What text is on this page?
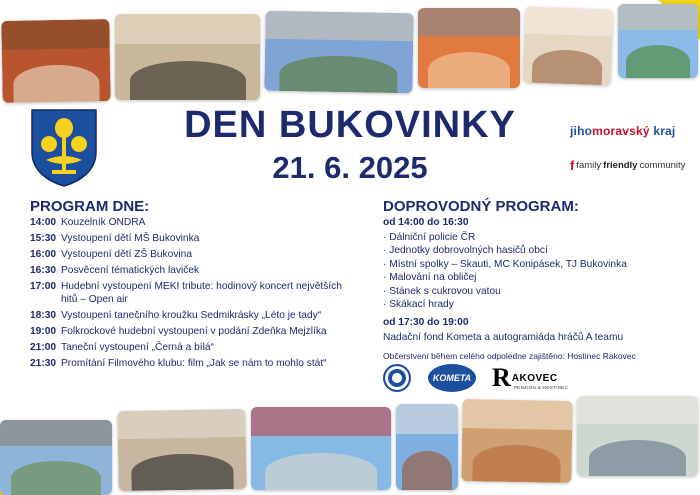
DEN BUKOVINKY
21. 6. 2025
jihomoravský kraj
f family friendly community
PROGRAM DNE:
14:00 Kouzelník ONDRA
15:30 Vystoupení dětí MŠ Bukovinka
16:00 Vystoupení dětí ZŠ Bukovina
16:30 Posvěcení tématických laviček
17:00 Hudební vystoupení MEKI tribute: hodinový koncert největších hitů – Open air
18:30 Vystoupení tanečního kroužku Sedmikrásky „Léto je tady“
19:00 Folkrockové hudební vystoupení v podání Zdeňka Mejzlíka
21:00 Taneční vystoupení „Černá a bílá“
21:30 Promítání Filmového klubu: film „Jak se nám to mohlo stát“
DOPROVODNÝ PROGRAM:
od 14:00 do 16:30
· Dálniční policie ČR
· Jednotky dobrovolných hasičů obcí
· Místní spolky – Skauti, MC Konipásek, TJ Bukovinka
· Malování na obličej
· Stánek s cukrovou vatou
· Skákací hrady
od 17:30 do 19:00
Nadační fond Kometa a autogramiáda hráčů A teamu
Občerstvení během celého odpoledne zajištěno: Hostinec Rakovec
KOMETA R AKOVEC
PENZION & HOSTINEC
